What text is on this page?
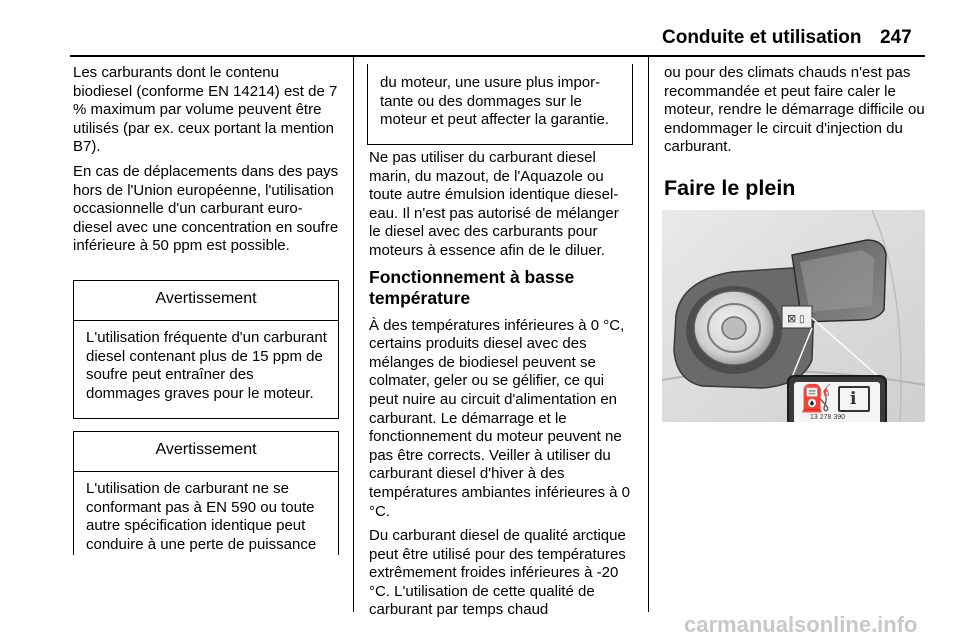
Conduite et utilisation 247

Les carburants dont le contenu biodiesel (conforme EN 14214) est de 7 % maximum par volume peuvent être utilisés (par ex. ceux portant la mention B7).

En cas de déplacements dans des pays hors de l'Union européenne, l'utilisation occasionnelle d'un carburant euro-diesel avec une concentration en soufre inférieure à 50 ppm est possible.

Avertissement
L'utilisation fréquente d'un carburant diesel contenant plus de 15 ppm de soufre peut entraîner des dommages graves pour le moteur.
Avertissement
L'utilisation de carburant ne se conformant pas à EN 590 ou toute autre spécification identique peut conduire à une perte de puissance
du moteur, une usure plus importante ou des dommages sur le moteur et peut affecter la garantie.

Ne pas utiliser du carburant diesel marin, du mazout, de l'Aquazole ou toute autre émulsion identique diesel-eau. Il n'est pas autorisé de mélanger le diesel avec des carburants pour moteurs à essence afin de le diluer.

Fonctionnement à basse température

À des températures inférieures à 0 °C, certains produits diesel avec des mélanges de biodiesel peuvent se colmater, geler ou se gélifier, ce qui peut nuire au circuit d'alimentation en carburant. Le démarrage et le fonctionnement du moteur peuvent ne pas être corrects. Veiller à utiliser du carburant diesel d'hiver à des températures ambiantes inférieures à 0 °C.

Du carburant diesel de qualité arctique peut être utilisé pour des températures extrêmement froides inférieures à -20 °C. L'utilisation de cette qualité de carburant par temps chaud

ou pour des climats chauds n'est pas recommandée et peut faire caler le moteur, rendre le démarrage difficile ou endommager le circuit d'injection du carburant.

Faire le plein
⊠ ▯
⛽ i
13 278 390
carmanualsonline.info
